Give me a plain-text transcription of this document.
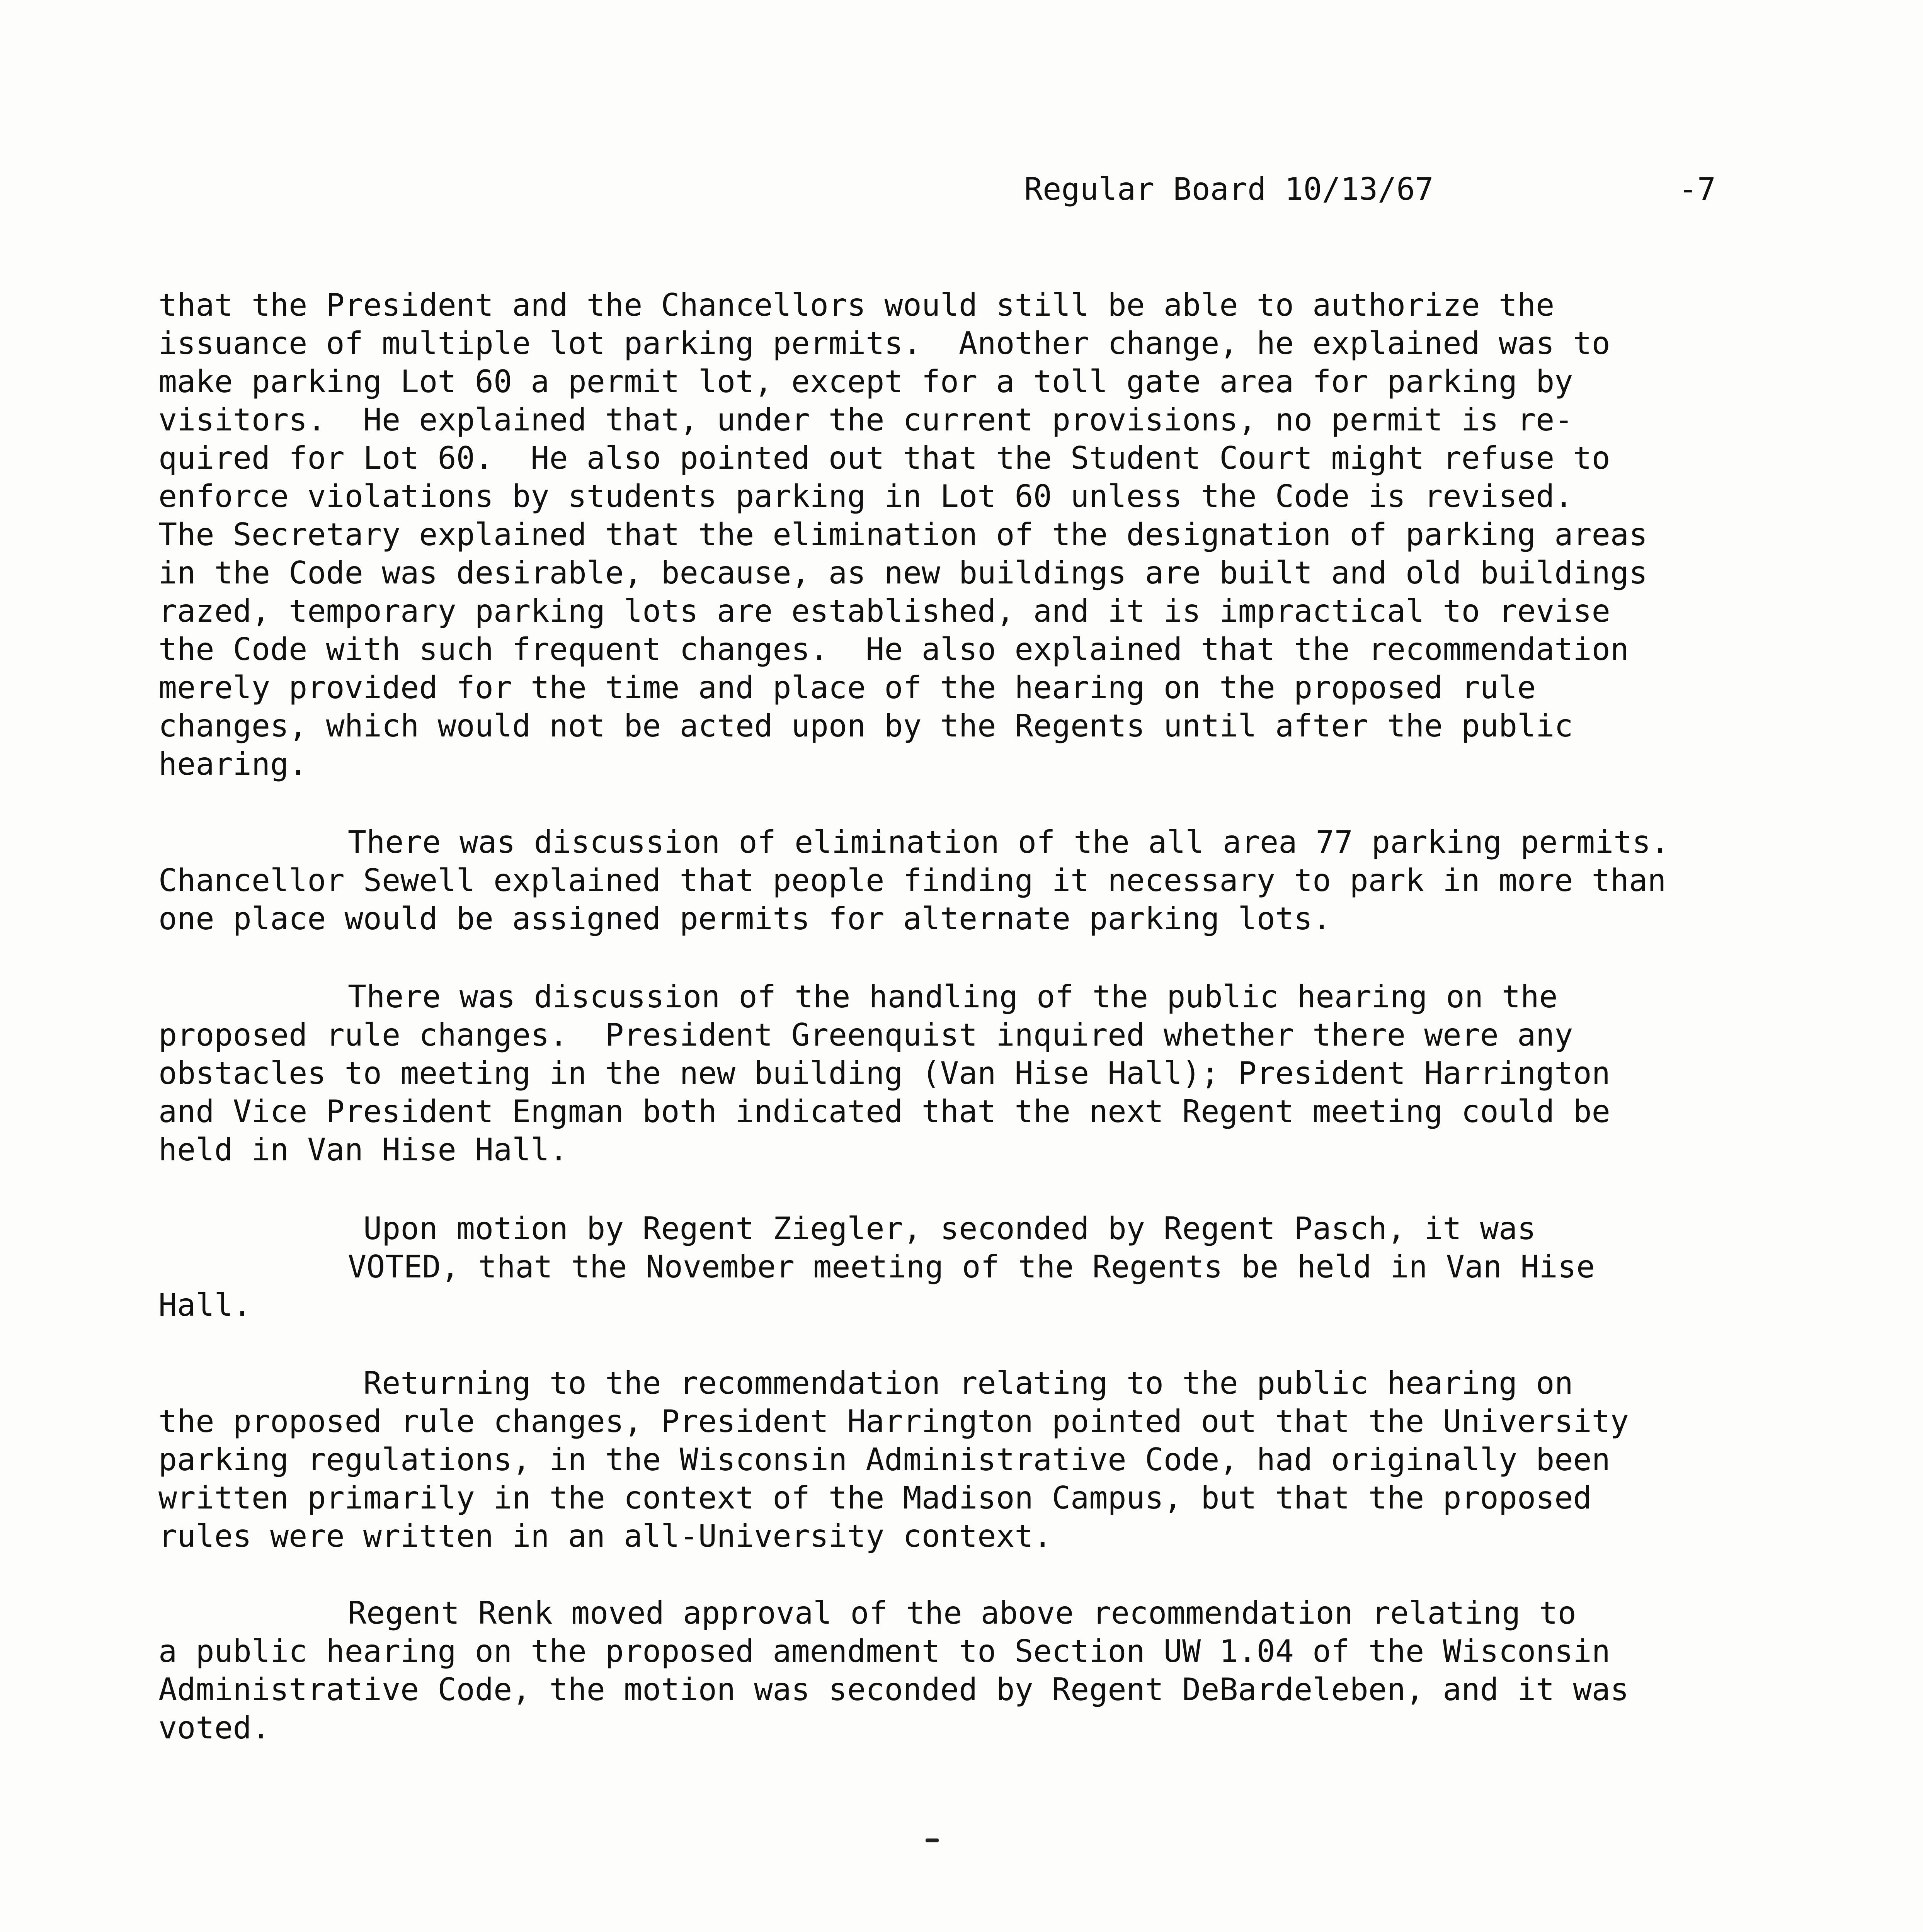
Regular Board 10/13/67	-7
that the President and the Chancellors would still be able to authorize the
issuance of multiple lot parking permits.  Another change, he explained was to
make parking Lot 60 a permit lot, except for a toll gate area for parking by
visitors.  He explained that, under the current provisions, no permit is re-
quired for Lot 60.  He also pointed out that the Student Court might refuse to
enforce violations by students parking in Lot 60 unless the Code is revised.
The Secretary explained that the elimination of the designation of parking areas
in the Code was desirable, because, as new buildings are built and old buildings
razed, temporary parking lots are established, and it is impractical to revise
the Code with such frequent changes.  He also explained that the recommendation
merely provided for the time and place of the hearing on the proposed rule
changes, which would not be acted upon by the Regents until after the public
hearing.
There was discussion of elimination of the all area 77 parking permits.
Chancellor Sewell explained that people finding it necessary to park in more than
one place would be assigned permits for alternate parking lots.
There was discussion of the handling of the public hearing on the
proposed rule changes.  President Greenquist inquired whether there were any
obstacles to meeting in the new building (Van Hise Hall); President Harrington
and Vice President Engman both indicated that the next Regent meeting could be
held in Van Hise Hall.
Upon motion by Regent Ziegler, seconded by Regent Pasch, it was
VOTED, that the November meeting of the Regents be held in Van Hise
Hall.
Returning to the recommendation relating to the public hearing on
the proposed rule changes, President Harrington pointed out that the University
parking regulations, in the Wisconsin Administrative Code, had originally been
written primarily in the context of the Madison Campus, but that the proposed
rules were written in an all-University context.
Regent Renk moved approval of the above recommendation relating to
a public hearing on the proposed amendment to Section UW 1.04 of the Wisconsin
Administrative Code, the motion was seconded by Regent DeBardeleben, and it was
voted.
